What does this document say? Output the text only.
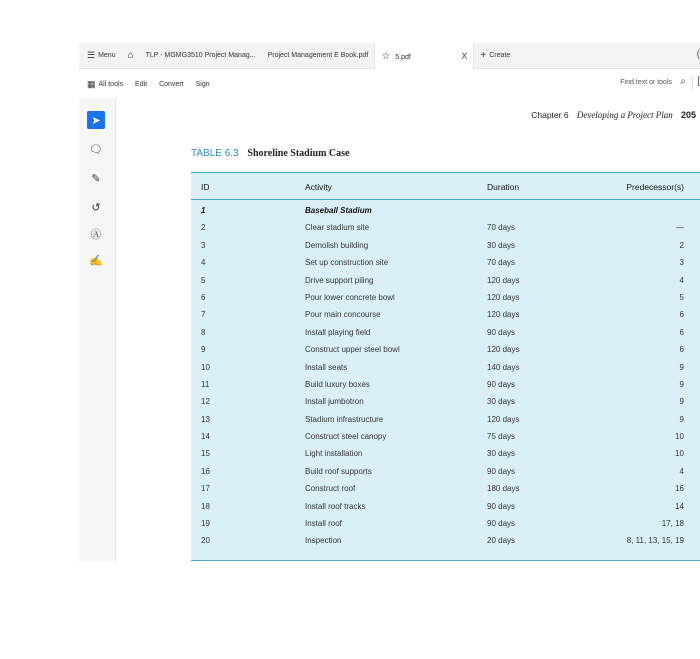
☰ Menu	⌂	TLP - MGMG3510 Project Manag... Project Management E Book.pdf ☆ 5.pdf	X + Create	(
▦ All tools Edit Convert Sign	Find text or tools ⌕	[
➤
🗨
✎
↺
Ⓐ
✍
Chapter 6 Developing a Project Plan 205
TABLE 6.3 Shoreline Stadium Case
ID	Activity	Duration	Predecessor(s)
1	Baseball Stadium
2	Clear stadium site	70 days	—
3	Demolish building	30 days	2
4	Set up construction site	70 days	3
5	Drive support piling	120 days	4
6	Pour lower concrete bowl	120 days	5
7	Pour main concourse	120 days	6
8	Install playing field	90 days	6
9	Construct upper steel bowl	120 days	6
10	Install seats	140 days	9
11	Build luxury boxes	90 days	9
12	Install jumbotron	30 days	9
13	Stadium infrastructure	120 days	9
14	Construct steel canopy	75 days	10
15	Light installation	30 days	10
16	Build roof supports	90 days	4
17	Construct roof	180 days	16
18	Install roof tracks	90 days	14
19	Install roof	90 days	17, 18
20	Inspection	20 days	8, 11, 13, 15, 19
